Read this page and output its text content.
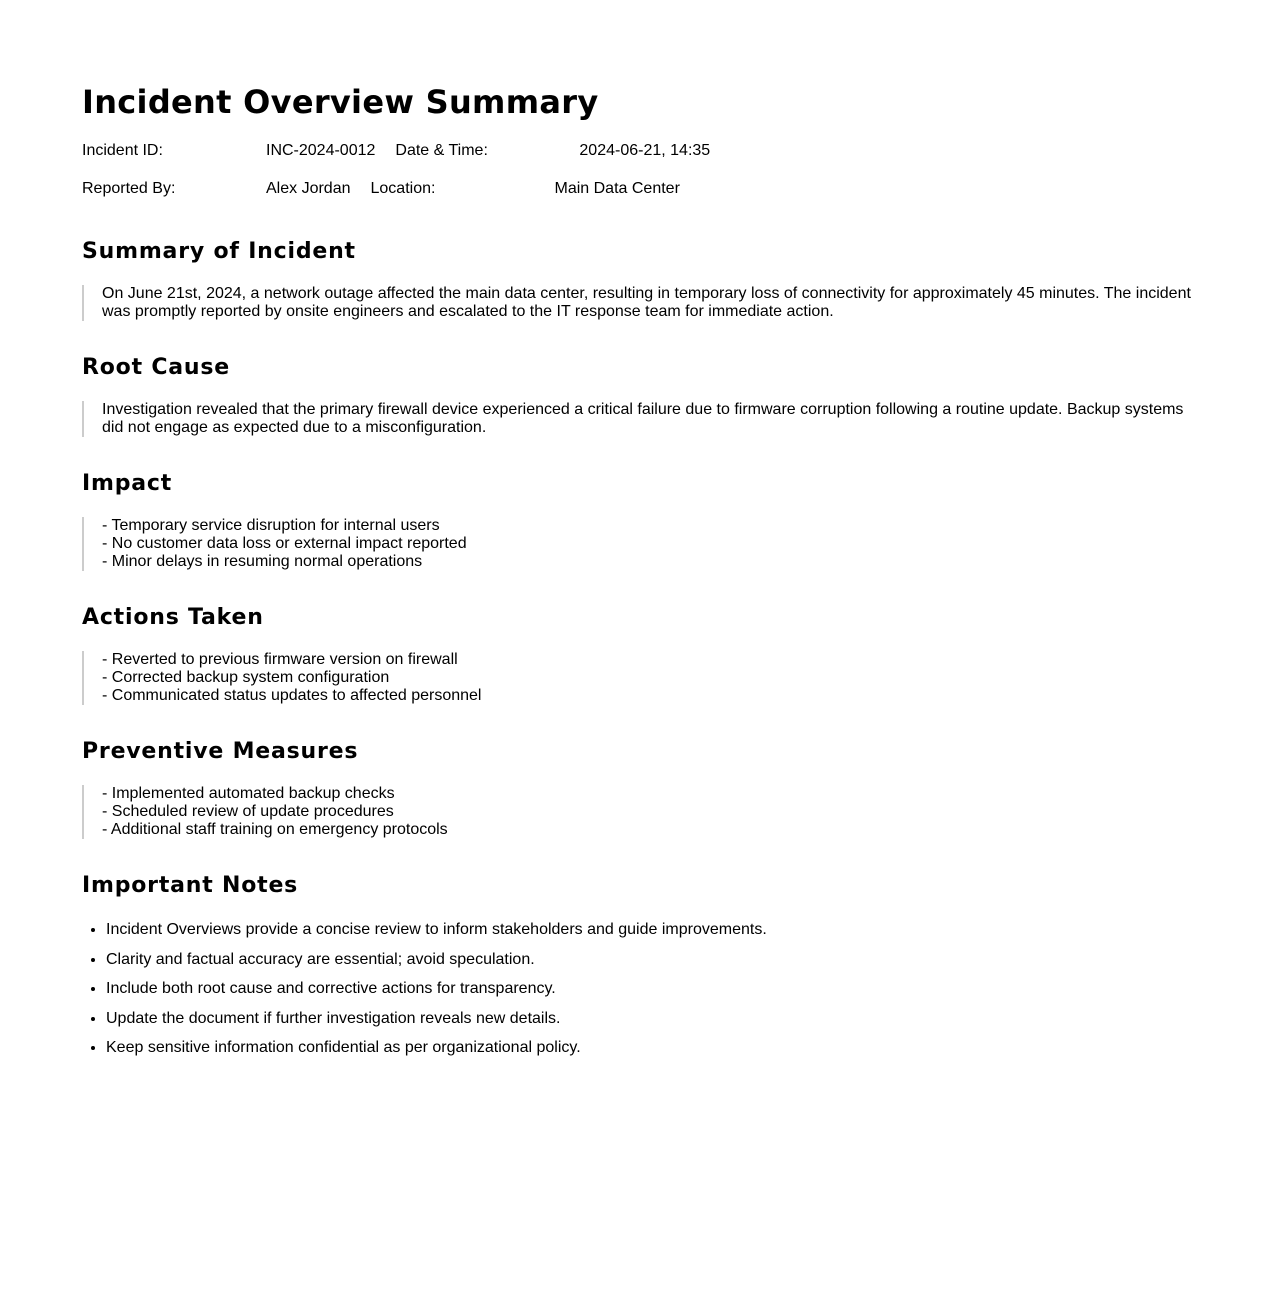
Incident Overview Summary
Incident ID:	INC-2024-0012 Date & Time:	2024-06-21, 14:35
Reported By:	Alex Jordan Location:	Main Data Center
Summary of Incident

On June 21st, 2024, a network outage affected the main data center, resulting in temporary loss of connectivity for approximately 45 minutes. The incident was promptly reported by onsite engineers and escalated to the IT response team for immediate action.

Root Cause

Investigation revealed that the primary firewall device experienced a critical failure due to firmware corruption following a routine update. Backup systems did not engage as expected due to a misconfiguration.

Impact
- Temporary service disruption for internal users
- No customer data loss or external impact reported
- Minor delays in resuming normal operations
Actions Taken
- Reverted to previous firmware version on firewall
- Corrected backup system configuration
- Communicated status updates to affected personnel
Preventive Measures
- Implemented automated backup checks
- Scheduled review of update procedures
- Additional staff training on emergency protocols
Important Notes
• Incident Overviews provide a concise review to inform stakeholders and guide improvements.
• Clarity and factual accuracy are essential; avoid speculation.
• Include both root cause and corrective actions for transparency.
• Update the document if further investigation reveals new details.
• Keep sensitive information confidential as per organizational policy.
